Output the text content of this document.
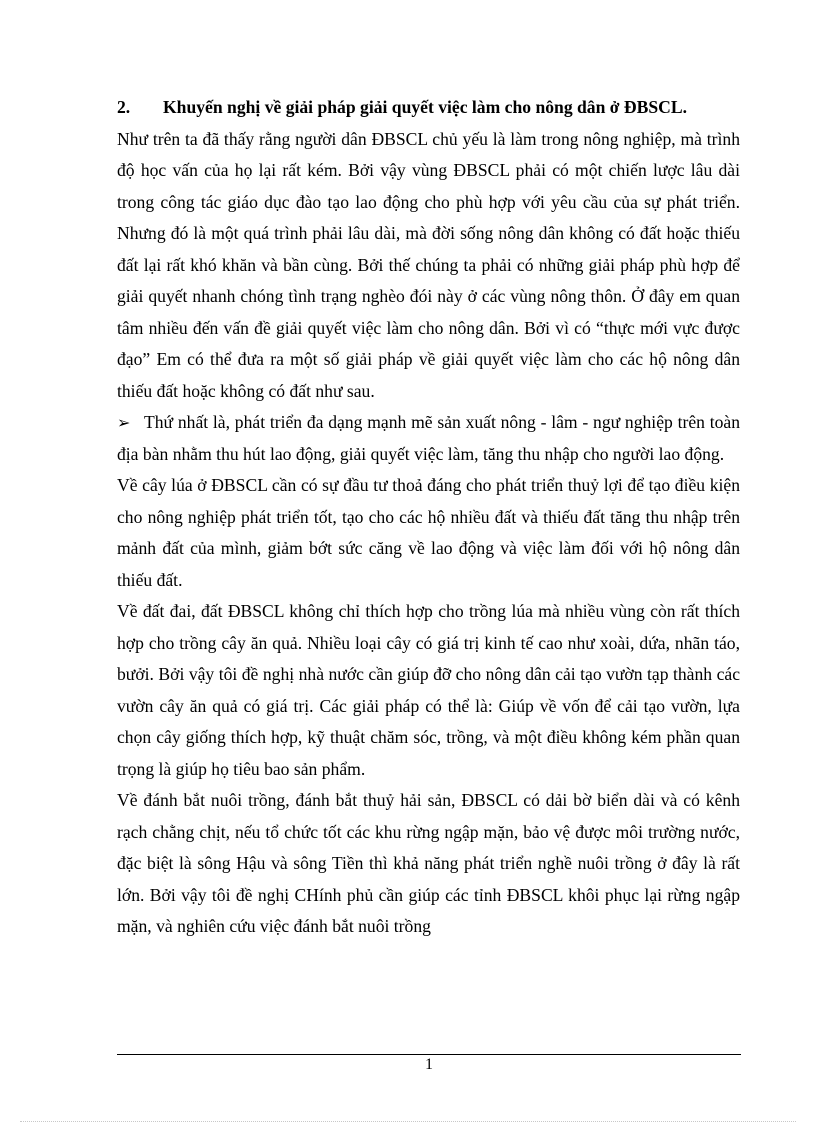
2. Khuyến nghị về giải pháp giải quyết việc làm cho nông dân ở ĐBSCL.

Như trên ta đã thấy rằng người dân ĐBSCL chủ yếu là làm trong nông nghiệp, mà trình độ học vấn của họ lại rất kém. Bởi vậy vùng ĐBSCL phải có một chiến lược lâu dài trong công tác giáo dục đào tạo lao động cho phù hợp với yêu cầu của sự phát triển. Nhưng đó là một quá trình phải lâu dài, mà đời sống nông dân không có đất hoặc thiếu đất lại rất khó khăn và bần cùng. Bởi thế chúng ta phải có những giải pháp phù hợp để giải quyết nhanh chóng tình trạng nghèo đói này ở các vùng nông thôn. Ở đây em quan tâm nhiều đến vấn đề giải quyết việc làm cho nông dân. Bởi vì có “thực mới vực được đạo” Em có thể đưa ra một số giải pháp về giải quyết việc làm cho các hộ nông dân thiếu đất hoặc không có đất như sau.

➢ Thứ nhất là, phát triển đa dạng mạnh mẽ sản xuất nông - lâm - ngư nghiệp trên toàn địa bàn nhằm thu hút lao động, giải quyết việc làm, tăng thu nhập cho người lao động.

Về cây lúa ở ĐBSCL cần có sự đầu tư thoả đáng cho phát triển thuỷ lợi để tạo điều kiện cho nông nghiệp phát triển tốt, tạo cho các hộ nhiều đất và thiếu đất tăng thu nhập trên mảnh đất của mình, giảm bớt sức căng về lao động và việc làm đối với hộ nông dân thiếu đất.

Về đất đai, đất ĐBSCL không chỉ thích hợp cho trồng lúa mà nhiều vùng còn rất thích hợp cho trồng cây ăn quả. Nhiều loại cây có giá trị kinh tế cao như xoài, dứa, nhãn táo, bưởi. Bởi vậy tôi đề nghị nhà nước cần giúp đỡ cho nông dân cải tạo vườn tạp thành các vườn cây ăn quả có giá trị. Các giải pháp có thể là: Giúp về vốn để cải tạo vườn, lựa chọn cây giống thích hợp, kỹ thuật chăm sóc, trồng, và một điều không kém phần quan trọng là giúp họ tiêu bao sản phẩm.

Về đánh bắt nuôi trồng, đánh bắt thuỷ hải sản, ĐBSCL có dải bờ biển dài và có kênh rạch chằng chịt, nếu tổ chức tốt các khu rừng ngập mặn, bảo vệ được môi trường nước, đặc biệt là sông Hậu và sông Tiền thì khả năng phát triển nghề nuôi trồng ở đây là rất lớn. Bởi vậy tôi đề nghị CHính phủ cần giúp các tỉnh ĐBSCL khôi phục lại rừng ngập mặn, và nghiên cứu việc đánh bắt nuôi trồng

1
